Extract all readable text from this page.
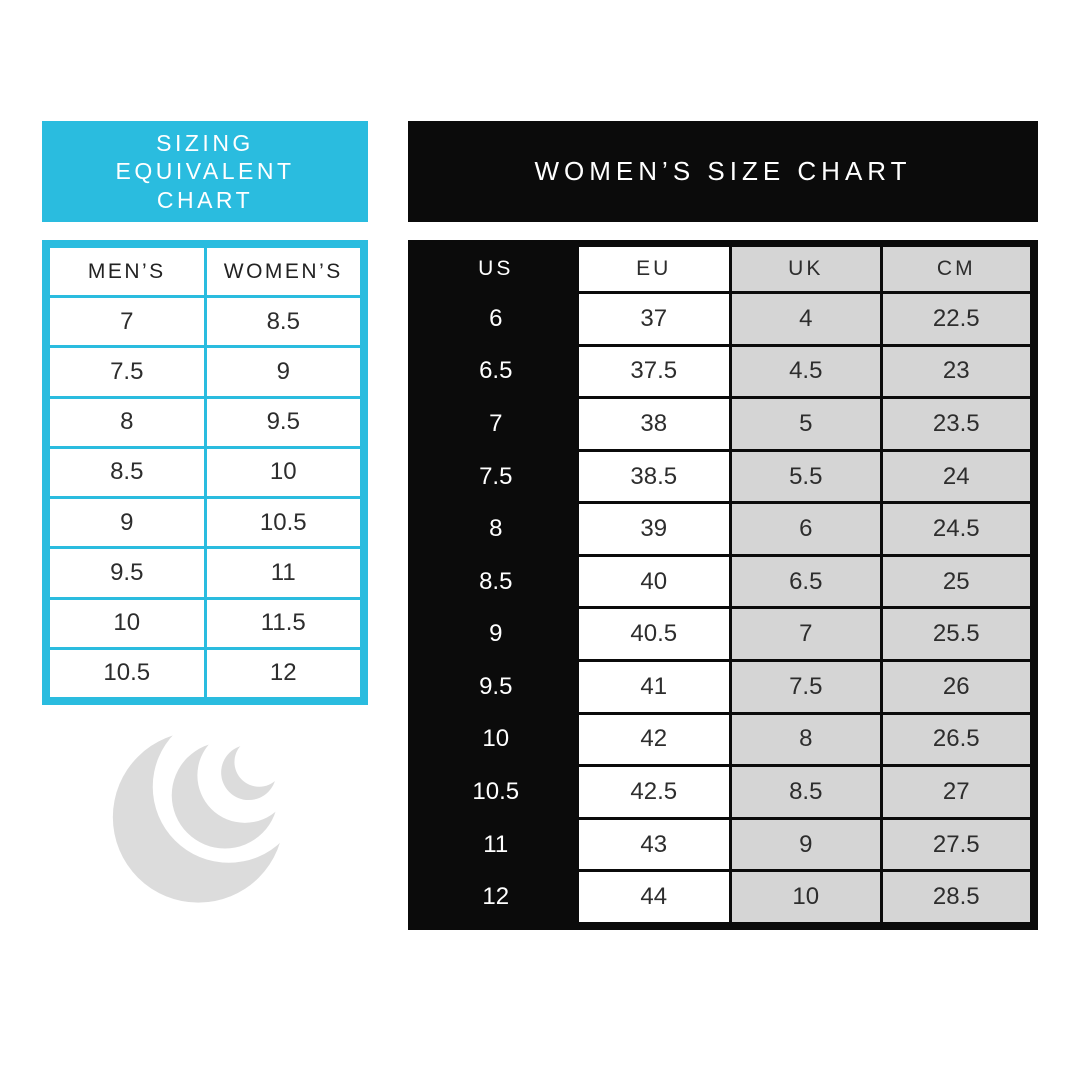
SIZING
EQUIVALENT
CHART
MEN’S	WOMEN’S
7	8.5
7.5	9
8	9.5
8.5	10
9	10.5
9.5	11
10	11.5
10.5	12
WOMEN’S SIZE CHART
US	EU	UK	CM
6	37	4	22.5
6.5	37.5	4.5	23
7	38	5	23.5
7.5	38.5	5.5	24
8	39	6	24.5
8.5	40	6.5	25
9	40.5	7	25.5
9.5	41	7.5	26
10	42	8	26.5
10.5	42.5	8.5	27
11	43	9	27.5
12	44	10	28.5
